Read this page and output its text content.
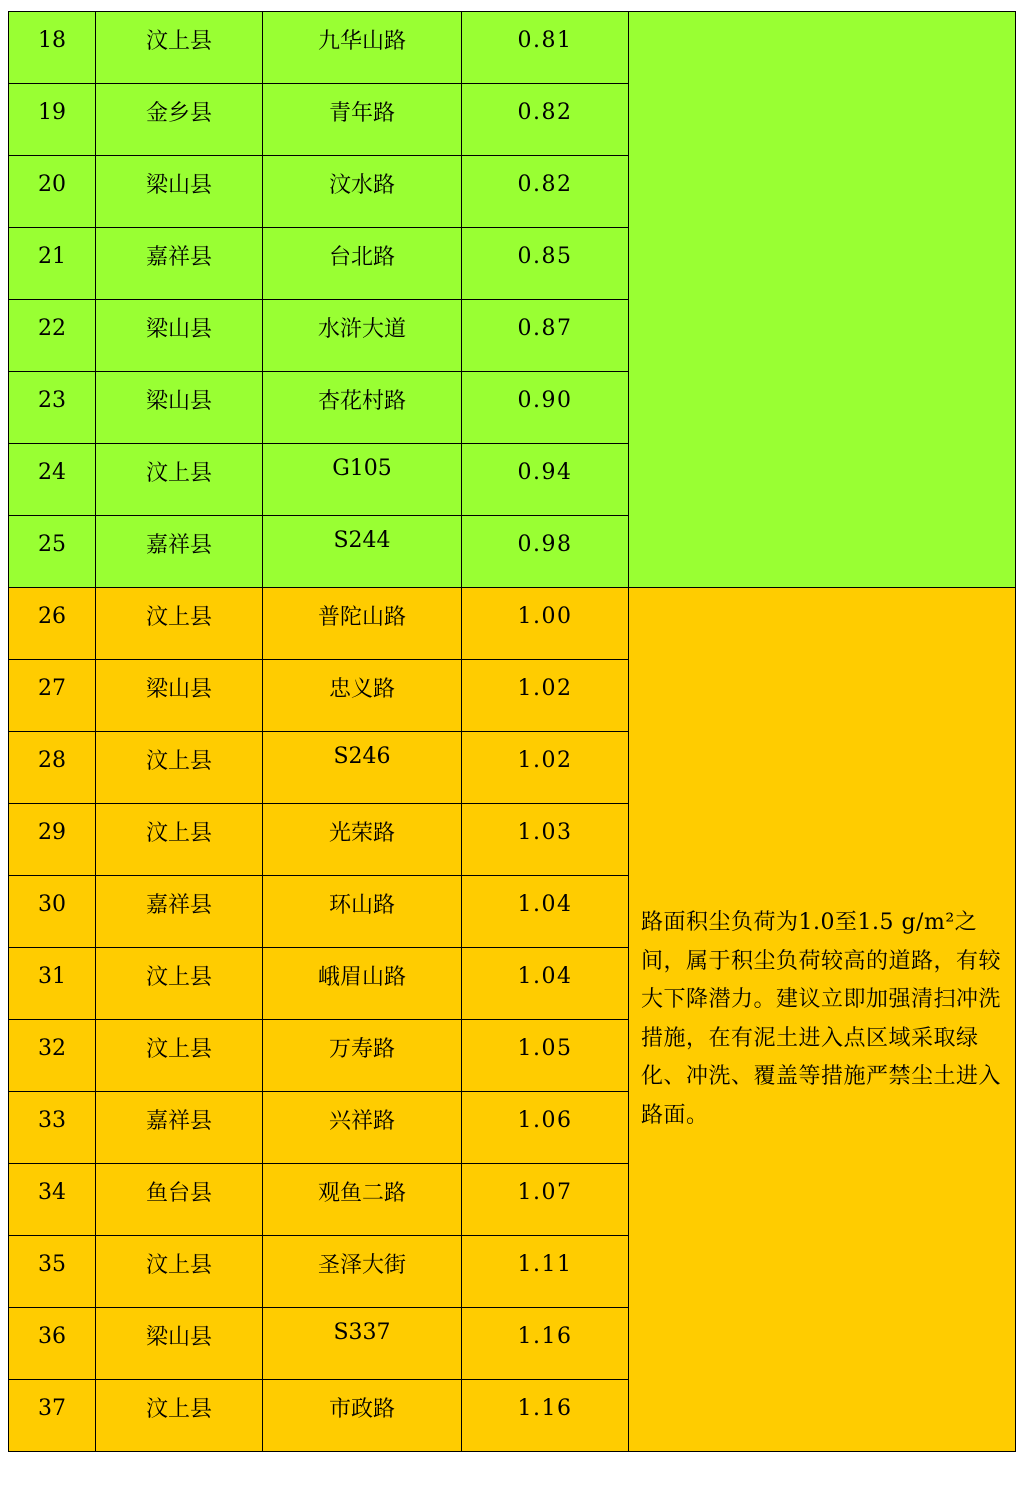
18	汶上县	九华山路	0.81	

19	金乡县	青年路	0.82	
20	梁山县	汶水路	0.82	
21	嘉祥县	台北路	0.85	
22	梁山县	水浒大道	0.87	
23	梁山县	杏花村路	0.90	
24	汶上县	G105	0.94	
25	嘉祥县	S244	0.98	
26	汶上县	普陀山路	1.00	路面积尘负荷为1.0至1.5 g/m²之间，属于积尘负荷较高的道路，有较大下降潜力。建议立即加强清扫冲洗措施，在有泥土进入点区域采取绿化、冲洗、覆盖等措施严禁尘土进入路面。

27	梁山县	忠义路	1.02	
28	汶上县	S246	1.02	
29	汶上县	光荣路	1.03	
30	嘉祥县	环山路	1.04	
31	汶上县	峨眉山路	1.04	
32	汶上县	万寿路	1.05	
33	嘉祥县	兴祥路	1.06	
34	鱼台县	观鱼二路	1.07	
35	汶上县	圣泽大街	1.11	
36	梁山县	S337	1.16	
37	汶上县	市政路	1.16	
